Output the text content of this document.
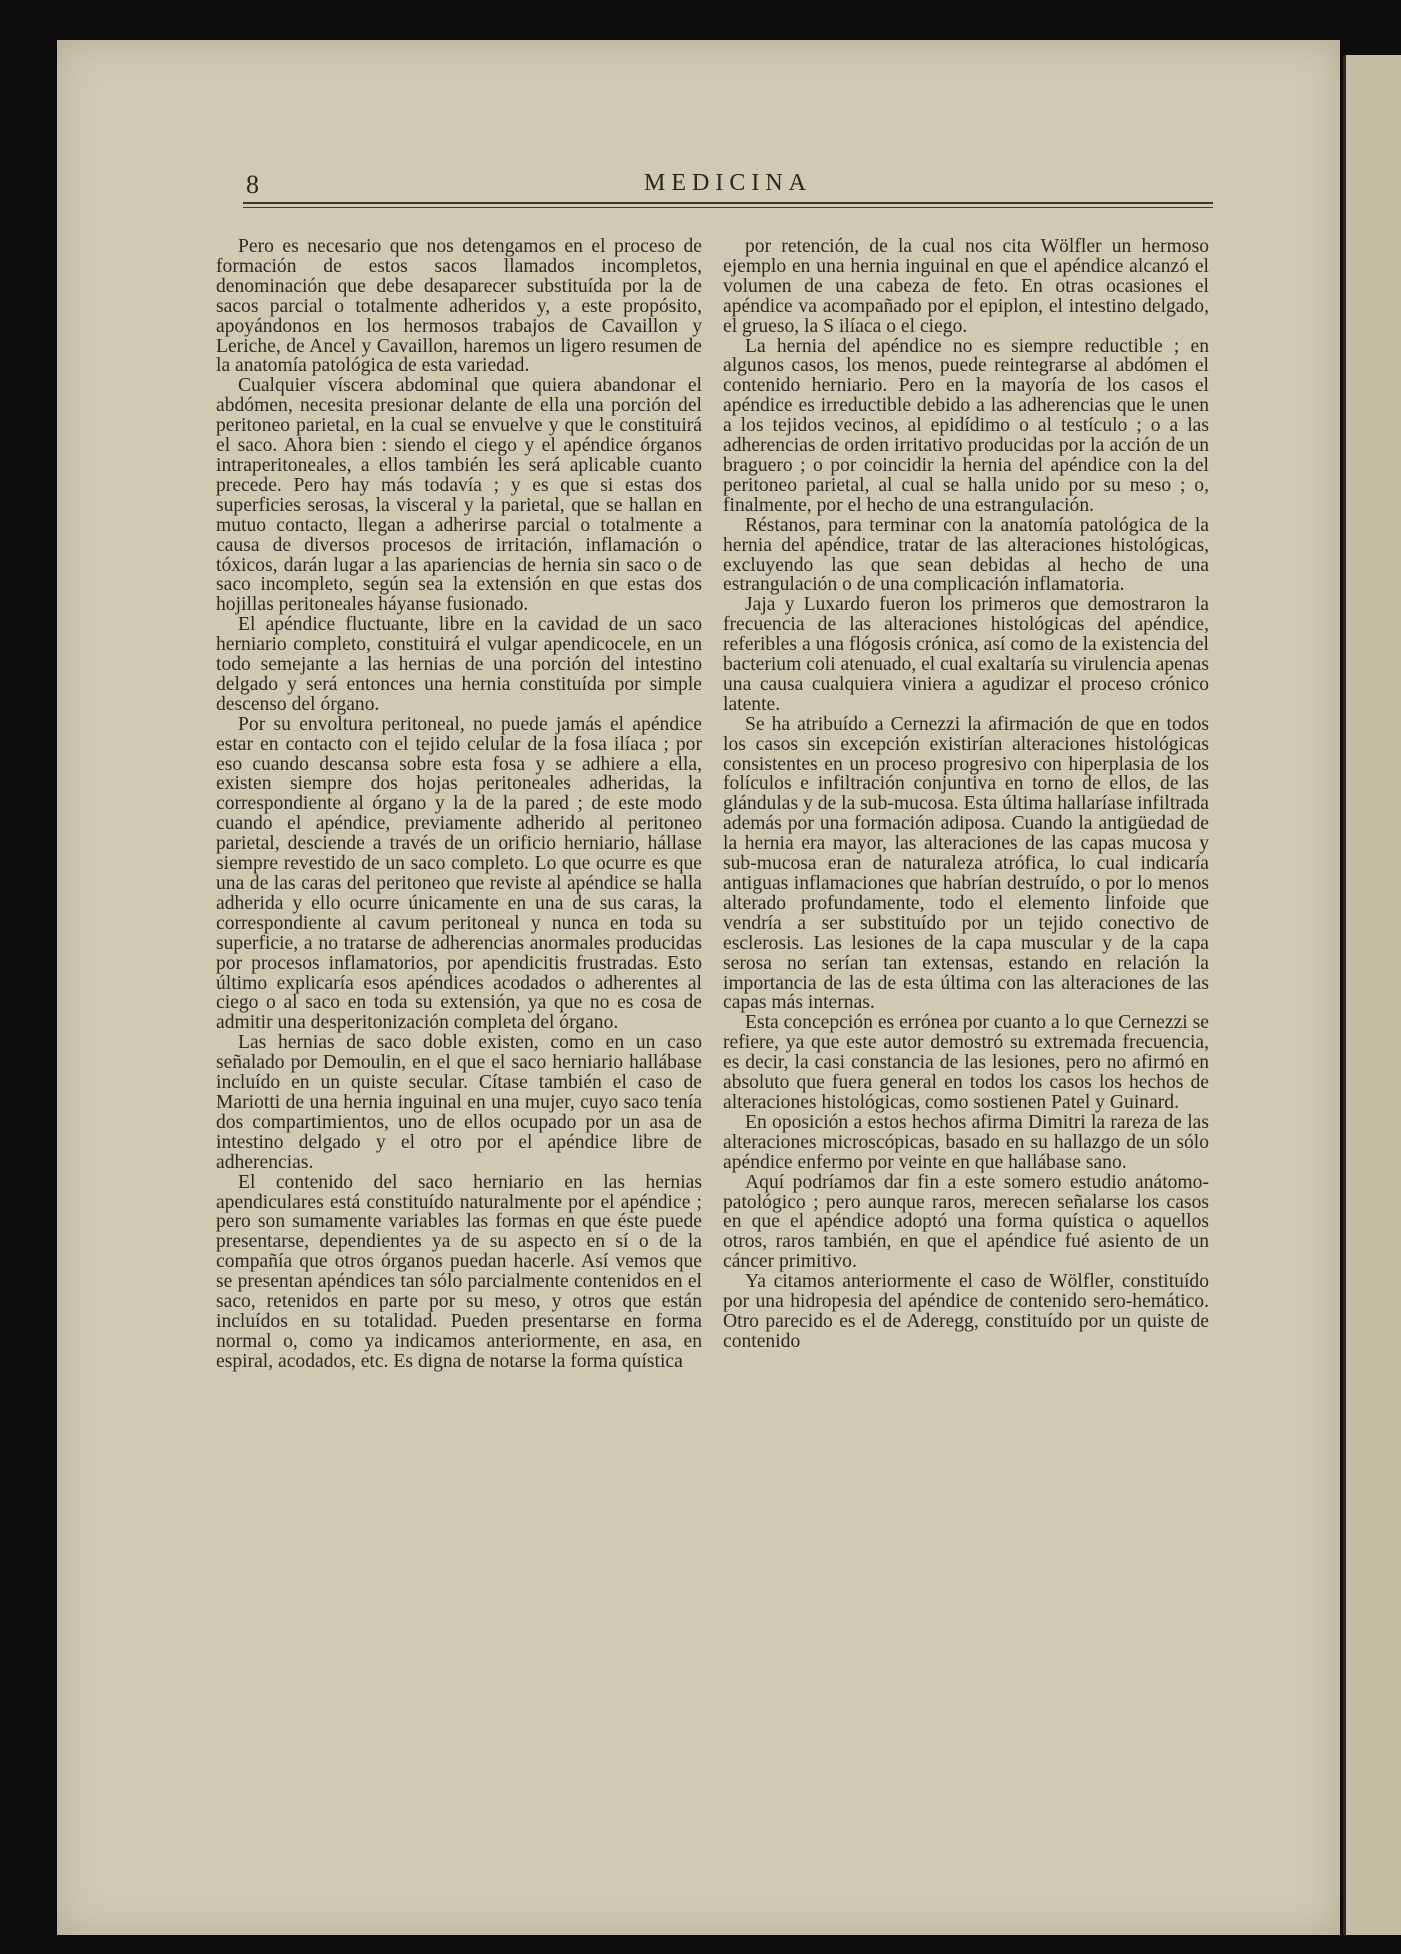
8	MEDICINA

Pero es necesario que nos detengamos en el proceso de formación de estos sacos llamados incompletos, denominación que debe desaparecer substituída por la de sacos parcial o totalmente adheridos y, a este propósito, apoyándonos en los hermosos trabajos de Cavaillon y Leriche, de Ancel y Cavaillon, haremos un ligero resumen de la anatomía patológica de esta variedad.

Cualquier víscera abdominal que quiera abandonar el abdómen, necesita presionar delante de ella una porción del peritoneo parietal, en la cual se envuelve y que le constituirá el saco. Ahora bien : siendo el ciego y el apéndice órganos intraperitoneales, a ellos también les será aplicable cuanto precede. Pero hay más todavía ; y es que si estas dos superficies serosas, la visceral y la parietal, que se hallan en mutuo contacto, llegan a adherirse parcial o totalmente a causa de diversos procesos de irritación, inflamación o tóxicos, darán lugar a las apariencias de hernia sin saco o de saco incompleto, según sea la extensión en que estas dos hojillas peritoneales háyanse fusionado.

El apéndice fluctuante, libre en la cavidad de un saco herniario completo, constituirá el vulgar apendicocele, en un todo semejante a las hernias de una porción del intestino delgado y será entonces una hernia constituída por simple descenso del órgano.

Por su envoltura peritoneal, no puede jamás el apéndice estar en contacto con el tejido celular de la fosa ilíaca ; por eso cuando descansa sobre esta fosa y se adhiere a ella, existen siempre dos hojas peritoneales adheridas, la correspondiente al órgano y la de la pared ; de este modo cuando el apéndice, previamente adherido al peritoneo parietal, desciende a través de un orificio herniario, hállase siempre revestido de un saco completo. Lo que ocurre es que una de las caras del peritoneo que reviste al apéndice se halla adherida y ello ocurre únicamente en una de sus caras, la correspondiente al cavum peritoneal y nunca en toda su superficie, a no tratarse de adherencias anormales producidas por procesos inflamatorios, por apendicitis frustradas. Esto último explicaría esos apéndices acodados o adherentes al ciego o al saco en toda su extensión, ya que no es cosa de admitir una desperitonización completa del órgano.

Las hernias de saco doble existen, como en un caso señalado por Demoulin, en el que el saco herniario hallábase incluído en un quiste secular. Cítase también el caso de Mariotti de una hernia inguinal en una mujer, cuyo saco tenía dos compartimientos, uno de ellos ocupado por un asa de intestino delgado y el otro por el apéndice libre de adherencias.

El contenido del saco herniario en las hernias apendiculares está constituído naturalmente por el apéndice ; pero son sumamente variables las formas en que éste puede presentarse, dependientes ya de su aspecto en sí o de la compañía que otros órganos puedan hacerle. Así vemos que se presentan apéndices tan sólo parcialmente contenidos en el saco, retenidos en parte por su meso, y otros que están incluídos en su totalidad. Pueden presentarse en forma normal o, como ya indicamos anteriormente, en asa, en espiral, acodados, etc. Es digna de notarse la forma quística

por retención, de la cual nos cita Wölfler un hermoso ejemplo en una hernia inguinal en que el apéndice alcanzó el volumen de una cabeza de feto. En otras ocasiones el apéndice va acompañado por el epiplon, el intestino delgado, el grueso, la S ilíaca o el ciego.

La hernia del apéndice no es siempre reductible ; en algunos casos, los menos, puede reintegrarse al abdómen el contenido herniario. Pero en la mayoría de los casos el apéndice es irreductible debido a las adherencias que le unen a los tejidos vecinos, al epidídimo o al testículo ; o a las adherencias de orden irritativo producidas por la acción de un braguero ; o por coincidir la hernia del apéndice con la del peritoneo parietal, al cual se halla unido por su meso ; o, finalmente, por el hecho de una estrangulación.

Réstanos, para terminar con la anatomía patológica de la hernia del apéndice, tratar de las alteraciones histológicas, excluyendo las que sean debidas al hecho de una estrangulación o de una complicación inflamatoria.

Jaja y Luxardo fueron los primeros que demostraron la frecuencia de las alteraciones histológicas del apéndice, referibles a una flógosis crónica, así como de la existencia del bacterium coli atenuado, el cual exaltaría su virulencia apenas una causa cualquiera viniera a agudizar el proceso crónico latente.

Se ha atribuído a Cernezzi la afirmación de que en todos los casos sin excepción existirían alteraciones histológicas consistentes en un proceso progresivo con hiperplasia de los folículos e infiltración conjuntiva en torno de ellos, de las glándulas y de la sub-mucosa. Esta última hallaríase infiltrada además por una formación adiposa. Cuando la antigüedad de la hernia era mayor, las alteraciones de las capas mucosa y sub-mucosa eran de naturaleza atrófica, lo cual indicaría antiguas inflamaciones que habrían destruído, o por lo menos alterado profundamente, todo el elemento linfoide que vendría a ser substituído por un tejido conectivo de esclerosis. Las lesiones de la capa muscular y de la capa serosa no serían tan extensas, estando en relación la importancia de las de esta última con las alteraciones de las capas más internas.

Esta concepción es errónea por cuanto a lo que Cernezzi se refiere, ya que este autor demostró su extremada frecuencia, es decir, la casi constancia de las lesiones, pero no afirmó en absoluto que fuera general en todos los casos los hechos de alteraciones histológicas, como sostienen Patel y Guinard.

En oposición a estos hechos afirma Dimitri la rareza de las alteraciones microscópicas, basado en su hallazgo de un sólo apéndice enfermo por veinte en que hallábase sano.

Aquí podríamos dar fin a este somero estudio anátomo-patológico ; pero aunque raros, merecen señalarse los casos en que el apéndice adoptó una forma quística o aquellos otros, raros también, en que el apéndice fué asiento de un cáncer primitivo.

Ya citamos anteriormente el caso de Wölfler, constituído por una hidropesia del apéndice de contenido sero-hemático. Otro parecido es el de Aderegg, constituído por un quiste de contenido
